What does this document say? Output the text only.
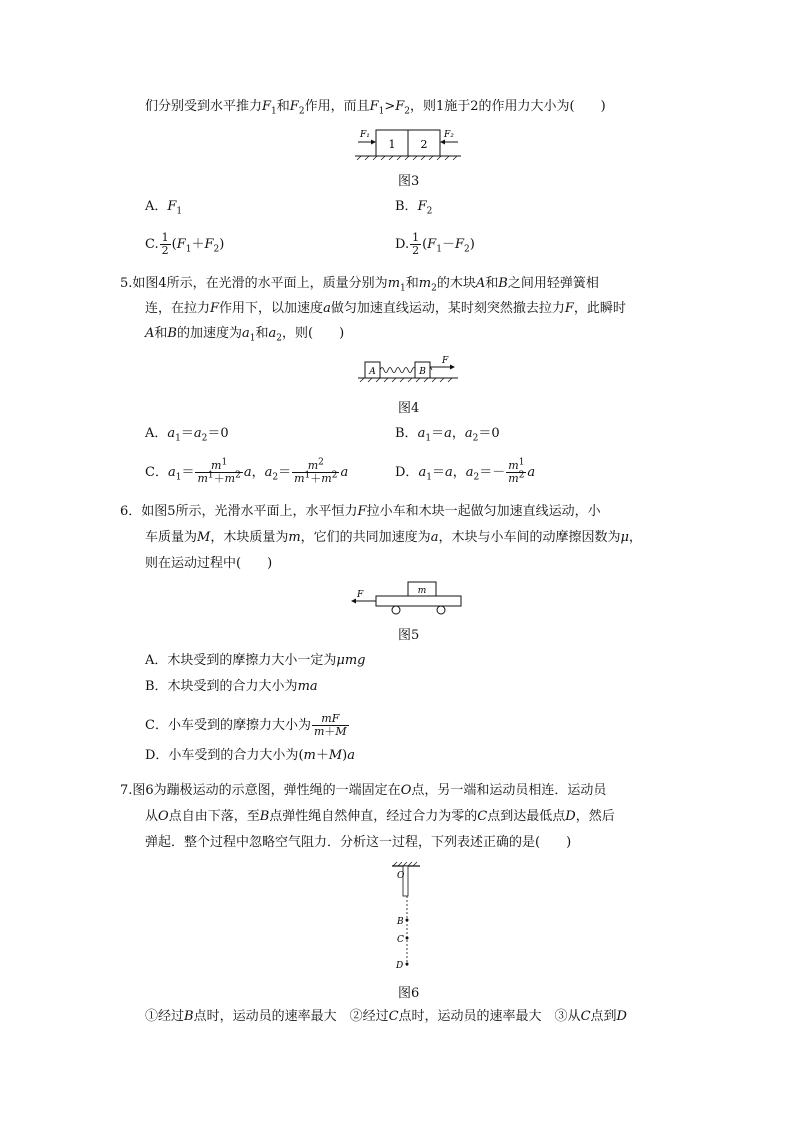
们分别受到水平推力$F_1$和$F_2$作用，而且$F_1>F_2$，则1施于2的作用力大小为(　　)
1 2
F₁	F₂
图3
A．$F_1$	B．$F_2$
C. $\frac{1}{2} (F_1+F_2)$	D. $\frac{1}{2} (F_1-F_2)$
5.如图4所示，在光滑的水平面上，质量分别为$m_1$和$m_2$的木块A和B之间用轻弹簧相
连，在拉力F作用下，以加速度a做匀加速直线运动，某时刻突然撤去拉力F，此瞬时
A和B的加速度为$a_1$和$a_2$，则(　　)
A	B
F
图4
A．$a_1=a_2=0$	B．$a_1=a$，$a_2=0$
C．$a_1= \frac{m^1}{m^1+m^2}$ a，$a_2= \frac{m^2}{m^1+m^2}$ a	D．$a_1=a$，$a_2=- \frac{m^1}{m^2}$ a
6．如图5所示，光滑水平面上，水平恒力F拉小车和木块一起做匀加速直线运动，小
车质量为M，木块质量为m，它们的共同加速度为a，木块与小车间的动摩擦因数为μ，
则在运动过程中(　　)
m
F
图5
A．木块受到的摩擦力大小一定为μmg
B．木块受到的合力大小为ma
C．小车受到的摩擦力大小为 $\frac{mF}{m+M}$
D．小车受到的合力大小为(m＋M)a
7.图6为蹦极运动的示意图，弹性绳的一端固定在O点，另一端和运动员相连．运动员
从O点自由下落，至B点弹性绳自然伸直，经过合力为零的C点到达最低点D，然后
弹起．整个过程中忽略空气阻力．分析这一过程，下列表述正确的是(　　)
O
B
C
D
图6
①经过B点时，运动员的速率最大　②经过C点时，运动员的速率最大　③从C点到D
